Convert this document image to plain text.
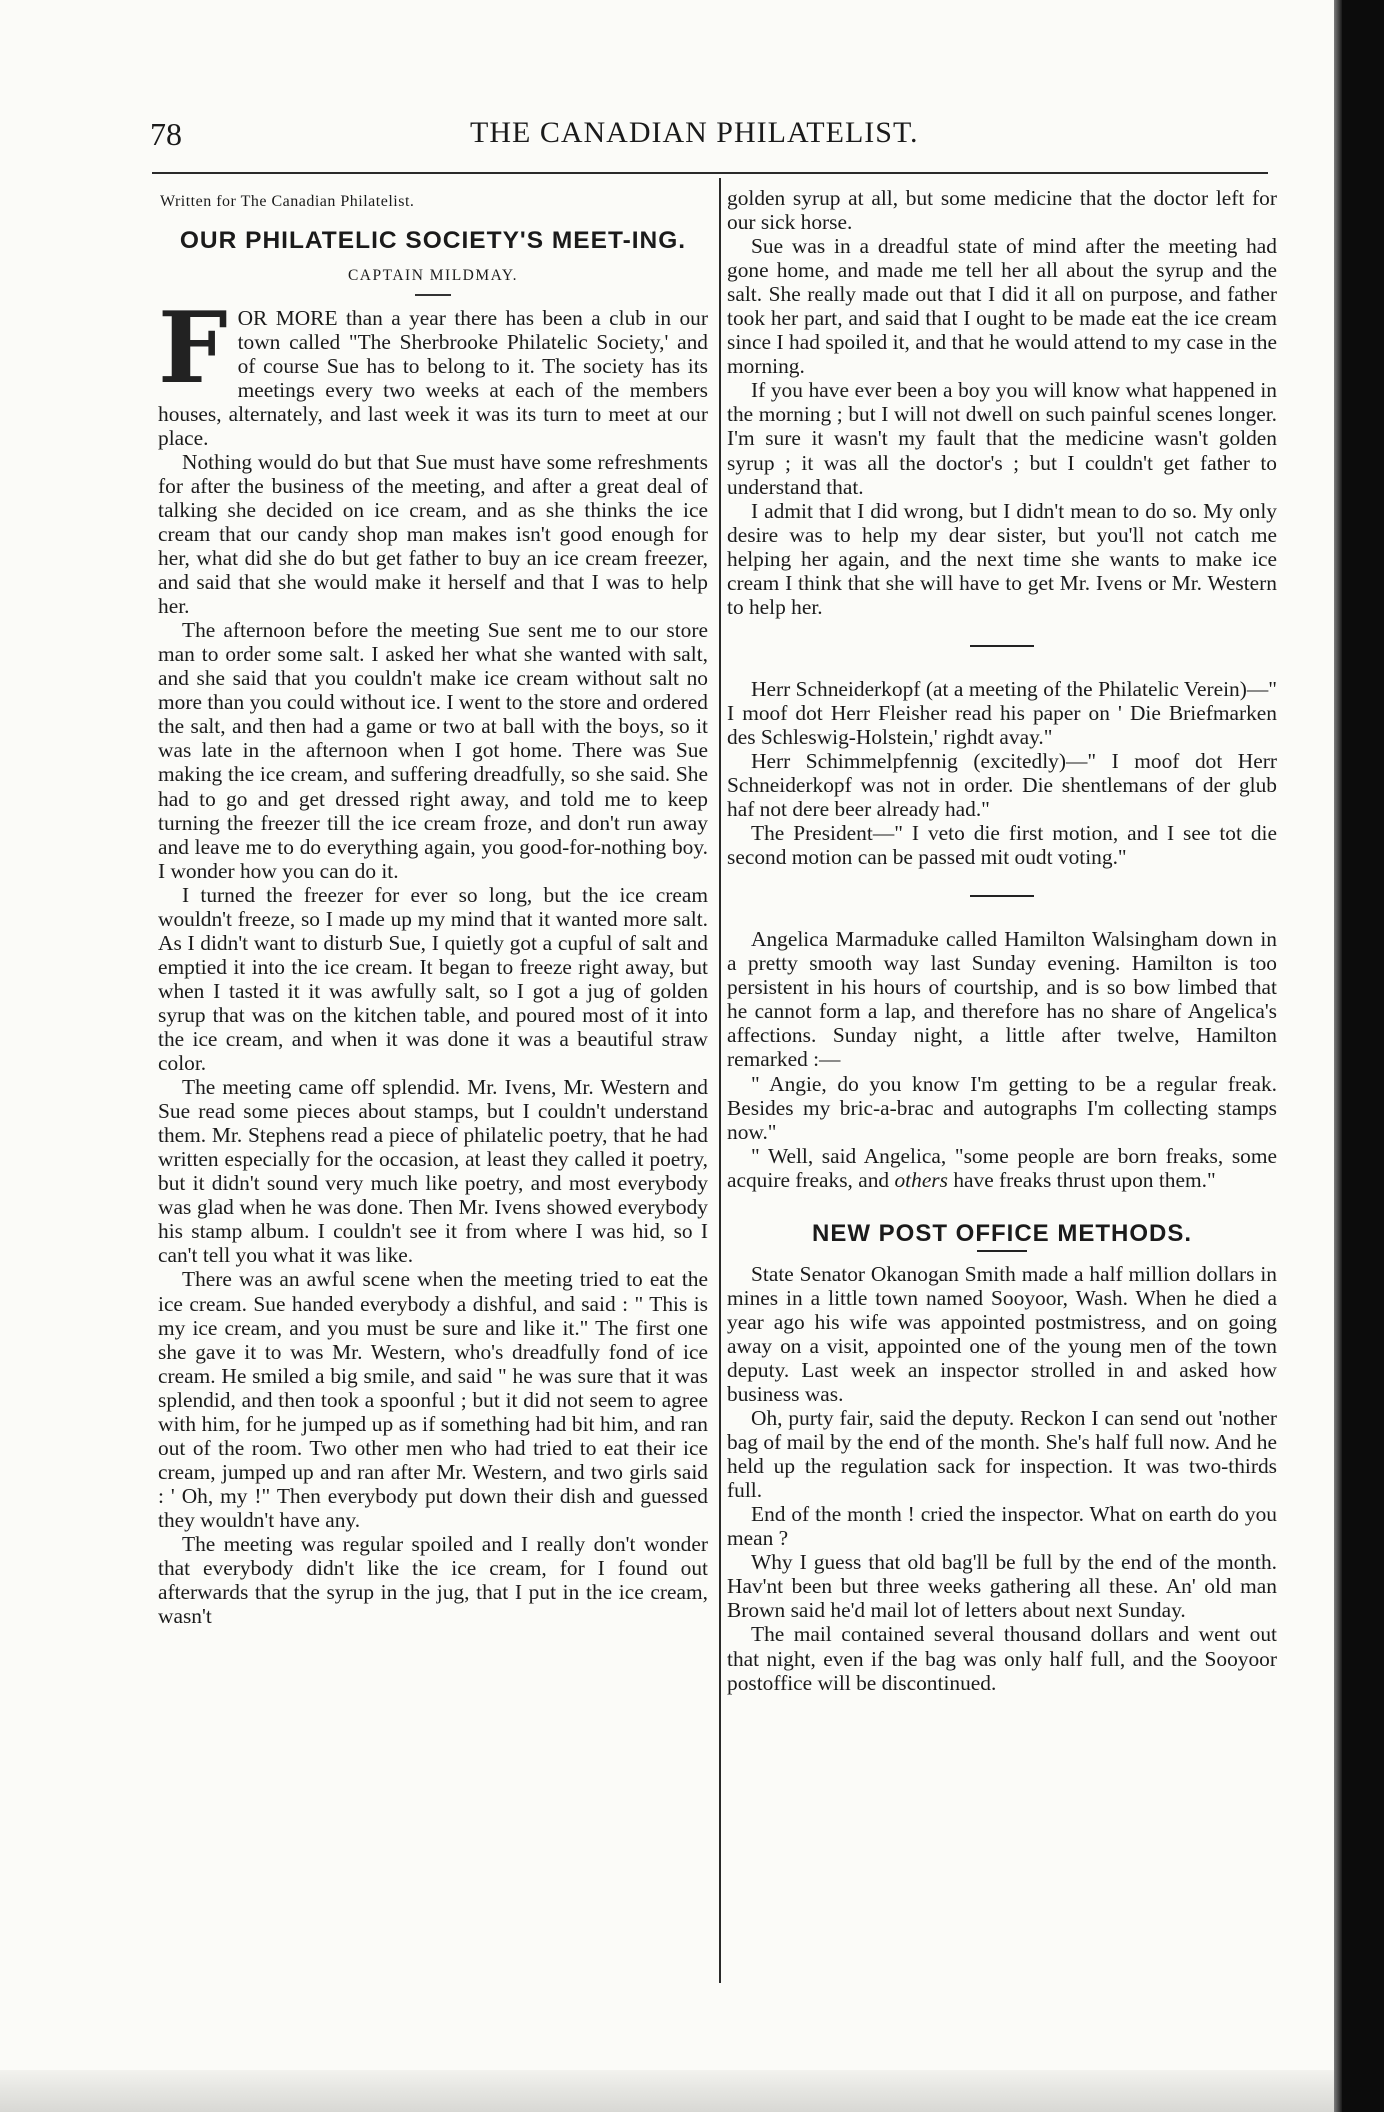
78	THE CANADIAN PHILATELIST.
Written for The Canadian Philatelist.
OUR PHILATELIC SOCIETY'S MEET-ING.
CAPTAIN MILDMAY.

FOR MORE than a year there has been a club in our town called "The Sherbrooke Philatelic Society,' and of course Sue has to belong to it. The society has its meetings every two weeks at each of the members houses, alternately, and last week it was its turn to meet at our place.

Nothing would do but that Sue must have some refreshments for after the business of the meeting, and after a great deal of talking she decided on ice cream, and as she thinks the ice cream that our candy shop man makes isn't good enough for her, what did she do but get father to buy an ice cream freezer, and said that she would make it herself and that I was to help her.

The afternoon before the meeting Sue sent me to our store man to order some salt. I asked her what she wanted with salt, and she said that you couldn't make ice cream without salt no more than you could without ice. I went to the store and ordered the salt, and then had a game or two at ball with the boys, so it was late in the afternoon when I got home. There was Sue making the ice cream, and suffering dreadfully, so she said. She had to go and get dressed right away, and told me to keep turning the freezer till the ice cream froze, and don't run away and leave me to do everything again, you good-for-nothing boy. I wonder how you can do it.

I turned the freezer for ever so long, but the ice cream wouldn't freeze, so I made up my mind that it wanted more salt. As I didn't want to disturb Sue, I quietly got a cupful of salt and emptied it into the ice cream. It began to freeze right away, but when I tasted it it was awfully salt, so I got a jug of golden syrup that was on the kitchen table, and poured most of it into the ice cream, and when it was done it was a beautiful straw color.

The meeting came off splendid. Mr. Ivens, Mr. Western and Sue read some pieces about stamps, but I couldn't understand them. Mr. Stephens read a piece of philatelic poetry, that he had written especially for the occasion, at least they called it poetry, but it didn't sound very much like poetry, and most everybody was glad when he was done. Then Mr. Ivens showed everybody his stamp album. I couldn't see it from where I was hid, so I can't tell you what it was like.

There was an awful scene when the meeting tried to eat the ice cream. Sue handed everybody a dishful, and said : " This is my ice cream, and you must be sure and like it." The first one she gave it to was Mr. Western, who's dreadfully fond of ice cream. He smiled a big smile, and said " he was sure that it was splendid, and then took a spoonful ; but it did not seem to agree with him, for he jumped up as if something had bit him, and ran out of the room. Two other men who had tried to eat their ice cream, jumped up and ran after Mr. Western, and two girls said : ' Oh, my !" Then everybody put down their dish and guessed they wouldn't have any.

The meeting was regular spoiled and I really don't wonder that everybody didn't like the ice cream, for I found out afterwards that the syrup in the jug, that I put in the ice cream, wasn't

golden syrup at all, but some medicine that the doctor left for our sick horse.

Sue was in a dreadful state of mind after the meeting had gone home, and made me tell her all about the syrup and the salt. She really made out that I did it all on purpose, and father took her part, and said that I ought to be made eat the ice cream since I had spoiled it, and that he would attend to my case in the morning.

If you have ever been a boy you will know what happened in the morning ; but I will not dwell on such painful scenes longer. I'm sure it wasn't my fault that the medicine wasn't golden syrup ; it was all the doctor's ; but I couldn't get father to understand that.

I admit that I did wrong, but I didn't mean to do so. My only desire was to help my dear sister, but you'll not catch me helping her again, and the next time she wants to make ice cream I think that she will have to get Mr. Ivens or Mr. Western to help her.

Herr Schneiderkopf (at a meeting of the Philatelic Verein)—" I moof dot Herr Fleisher read his paper on ' Die Briefmarken des Schleswig-Holstein,' righdt avay."

Herr Schimmelpfennig (excitedly)—" I moof dot Herr Schneiderkopf was not in order. Die shentlemans of der glub haf not dere beer already had."

The President—" I veto die first motion, and I see tot die second motion can be passed mit oudt voting."

Angelica Marmaduke called Hamilton Walsingham down in a pretty smooth way last Sunday evening. Hamilton is too persistent in his hours of courtship, and is so bow limbed that he cannot form a lap, and therefore has no share of Angelica's affections. Sunday night, a little after twelve, Hamilton remarked :—

" Angie, do you know I'm getting to be a regular freak. Besides my bric-a-brac and autographs I'm collecting stamps now."

" Well, said Angelica, "some people are born freaks, some acquire freaks, and others have freaks thrust upon them."

NEW POST OFFICE METHODS.

State Senator Okanogan Smith made a half million dollars in mines in a little town named Sooyoor, Wash. When he died a year ago his wife was appointed postmistress, and on going away on a visit, appointed one of the young men of the town deputy. Last week an inspector strolled in and asked how business was.

Oh, purty fair, said the deputy. Reckon I can send out 'nother bag of mail by the end of the month. She's half full now. And he held up the regulation sack for inspection. It was two-thirds full.

End of the month ! cried the inspector. What on earth do you mean ?

Why I guess that old bag'll be full by the end of the month. Hav'nt been but three weeks gathering all these. An' old man Brown said he'd mail lot of letters about next Sunday.

The mail contained several thousand dollars and went out that night, even if the bag was only half full, and the Sooyoor postoffice will be discontinued.
